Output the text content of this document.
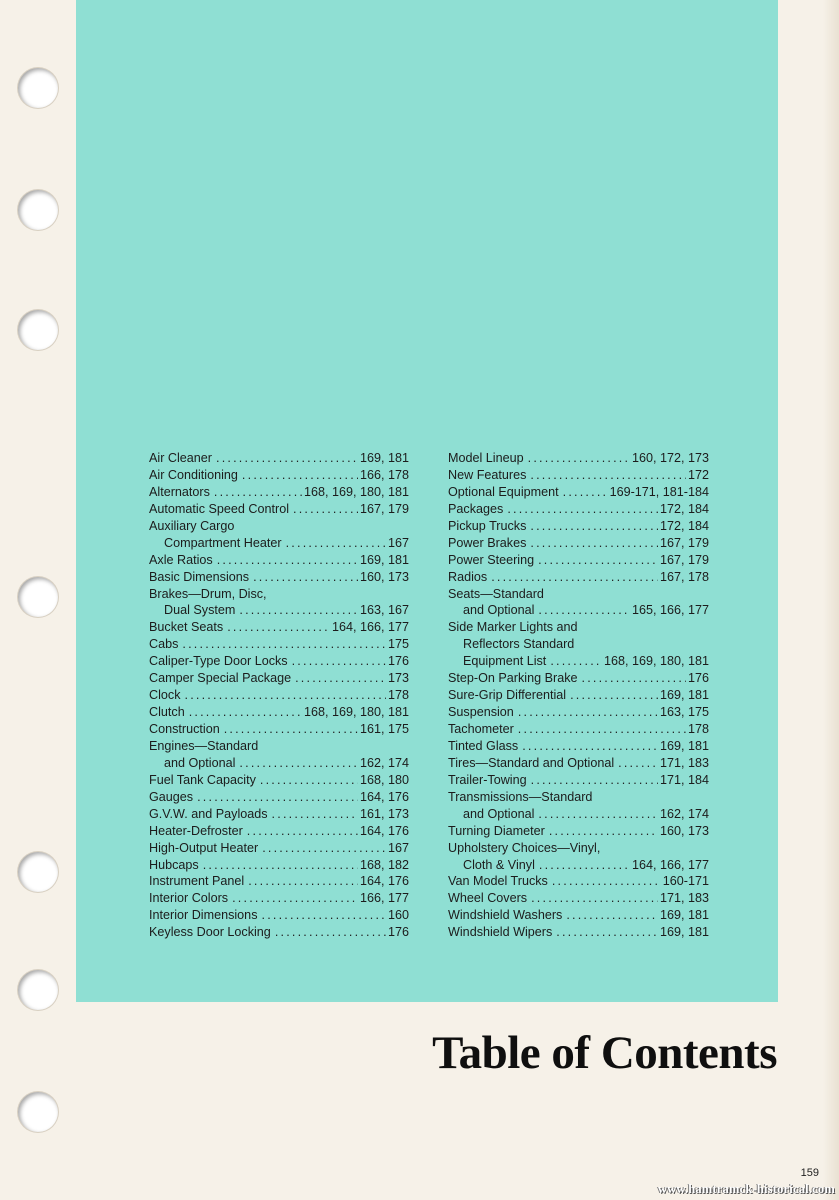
Air Cleaner .....	169, 181
Air Conditioning .....	166, 178
Alternators .....	168, 169, 180, 181
Automatic Speed Control .....	167, 179
Auxiliary Cargo
Compartment Heater .....	167
Axle Ratios .....	169, 181
Basic Dimensions .....	160, 173
Brakes—Drum, Disc,
Dual System .....	163, 167
Bucket Seats .....	164, 166, 177
Cabs .....	175
Caliper-Type Door Locks .....	176
Camper Special Package .....	173
Clock .....	178
Clutch .....	168, 169, 180, 181
Construction .....	161, 175
Engines—Standard
and Optional .....	162, 174
Fuel Tank Capacity .....	168, 180
Gauges .....	164, 176
G.V.W. and Payloads .....	161, 173
Heater-Defroster .....	164, 176
High-Output Heater .....	167
Hubcaps .....	168, 182
Instrument Panel .....	164, 176
Interior Colors .....	166, 177
Interior Dimensions .....	160
Keyless Door Locking .....	176
Model Lineup .....	160, 172, 173
New Features .....	172
Optional Equipment .....	169-171, 181-184
Packages .....	172, 184
Pickup Trucks .....	172, 184
Power Brakes .....	167, 179
Power Steering .....	167, 179
Radios .....	167, 178
Seats—Standard
and Optional .....	165, 166, 177
Side Marker Lights and
Reflectors Standard
Equipment List .....	168, 169, 180, 181
Step-On Parking Brake .....	176
Sure-Grip Differential .....	169, 181
Suspension .....	163, 175
Tachometer .....	178
Tinted Glass .....	169, 181
Tires—Standard and Optional .....	171, 183
Trailer-Towing .....	171, 184
Transmissions—Standard
and Optional .....	162, 174
Turning Diameter .....	160, 173
Upholstery Choices—Vinyl,
Cloth & Vinyl .....	164, 166, 177
Van Model Trucks .....	160-171
Wheel Covers .....	171, 183
Windshield Washers .....	169, 181
Windshield Wipers .....	169, 181
Table of Contents
159
www.hamtramck-historical.com
